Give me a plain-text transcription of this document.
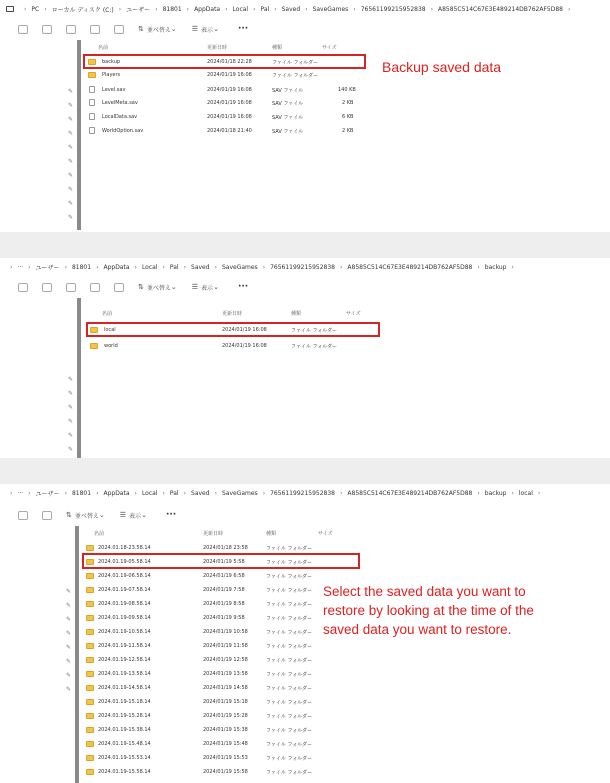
› PC › ローカル ディスク (C:) › ユーザー › 81801 › AppData › Local › Pal › Saved › SaveGames › 76561199215952838 › A8585C514C67E3E489214DB762AF5D88 ›
⇅ 並べ替え ⌄ ☰ 表示 ⌄ ···
✎
✎
✎
✎
✎
✎
✎
✎
✎
✎
名前	更新日時	種類	サイズ
backup	2024/01/18 22:28	ファイル フォルダー
Players	2024/01/19 16:08	ファイル フォルダー
Level.sav	2024/01/19 16:08	SAV ファイル	140 KB
LevelMeta.sav	2024/01/19 16:08	SAV ファイル	2 KB
LocalData.sav	2024/01/19 16:08	SAV ファイル	6 KB
WorldOption.sav	2024/01/18 21:40	SAV ファイル	2 KB
Backup saved data
› ··· › ユーザー › 81801 › AppData › Local › Pal › Saved › SaveGames › 76561199215952838 › A8585C514C67E3E489214DB762AF5D88 › backup ›
⇅ 並べ替え ⌄ ☰ 表示 ⌄ ···
✎
✎
✎
✎
✎
✎
名前	更新日時	種類	サイズ
local	2024/01/19 16:08	ファイル フォルダー
world	2024/01/19 16:08	ファイル フォルダー
› ··· › ユーザー › 81801 › AppData › Local › Pal › Saved › SaveGames › 76561199215952838 › A8585C514C67E3E489214DB762AF5D88 › backup › local ›
⇅ 並べ替え ⌄ ☰ 表示 ⌄ ···
✎
✎
✎
✎
✎
✎
✎
✎
名前	更新日時	種類	サイズ
2024.01.18-23.58.14	2024/01/18 23:58	ファイル フォルダー
2024.01.19-05.58.14	2024/01/19 5:58	ファイル フォルダー
2024.01.19-06.58.14	2024/01/19 6:58	ファイル フォルダー
2024.01.19-07.58.14	2024/01/19 7:58	ファイル フォルダー
2024.01.19-08.58.14	2024/01/19 8:58	ファイル フォルダー
2024.01.19-09.58.14	2024/01/19 9:58	ファイル フォルダー
2024.01.19-10.58.14	2024/01/19 10:58	ファイル フォルダー
2024.01.19-11.58.14	2024/01/19 11:58	ファイル フォルダー
2024.01.19-12.58.14	2024/01/19 12:58	ファイル フォルダー
2024.01.19-13.58.14	2024/01/19 13:58	ファイル フォルダー
2024.01.19-14.58.14	2024/01/19 14:58	ファイル フォルダー
2024.01.19-15.18.14	2024/01/19 15:18	ファイル フォルダー
2024.01.19-15.28.14	2024/01/19 15:28	ファイル フォルダー
2024.01.19-15.38.14	2024/01/19 15:38	ファイル フォルダー
2024.01.19-15.48.14	2024/01/19 15:48	ファイル フォルダー
2024.01.19-15.53.14	2024/01/19 15:53	ファイル フォルダー
2024.01.19-15.58.14	2024/01/19 15:58	ファイル フォルダー
Select the saved data you want to
restore by looking at the time of the
saved data you want to restore.
